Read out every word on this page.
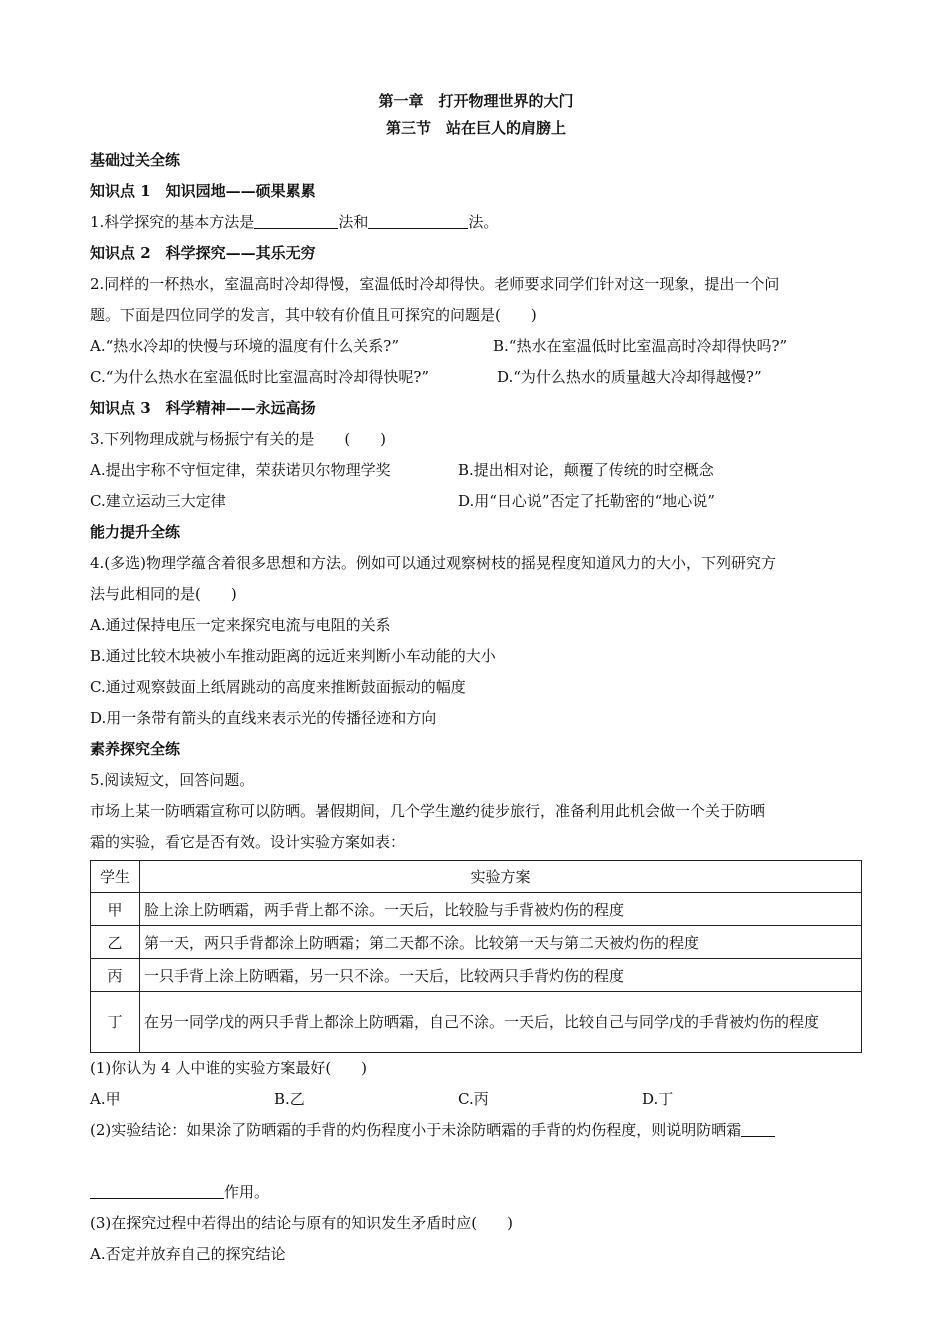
第一章　打开物理世界的大门
第三节　站在巨人的肩膀上
基础过关全练
知识点 1　知识园地——硕果累累
1.科学探究的基本方法是	法和	法。
知识点 2　科学探究——其乐无穷
2.同样的一杯热水，室温高时冷却得慢，室温低时冷却得快。老师要求同学们针对这一现象，提出一个问
题。下面是四位同学的发言，其中较有价值且可探究的问题是(　　)
A.“热水冷却的快慢与环境的温度有什么关系?”	B.“热水在室温低时比室温高时冷却得快吗?”
C.“为什么热水在室温低时比室温高时冷却得快呢?”	D.“为什么热水的质量越大冷却得越慢?”
知识点 3　科学精神——永远高扬
3.下列物理成就与杨振宁有关的是　　(　　)
A.提出宇称不守恒定律，荣获诺贝尔物理学奖	B.提出相对论，颠覆了传统的时空概念
C.建立运动三大定律	D.用“日心说”否定了托勒密的“地心说”
能力提升全练
4.(多选)物理学蕴含着很多思想和方法。例如可以通过观察树枝的摇晃程度知道风力的大小，下列研究方
法与此相同的是(　　)
A.通过保持电压一定来探究电流与电阻的关系
B.通过比较木块被小车推动距离的远近来判断小车动能的大小
C.通过观察鼓面上纸屑跳动的高度来推断鼓面振动的幅度
D.用一条带有箭头的直线来表示光的传播径迹和方向
素养探究全练
5.阅读短文，回答问题。
市场上某一防晒霜宣称可以防晒。暑假期间，几个学生邀约徒步旅行，准备利用此机会做一个关于防晒
霜的实验，看它是否有效。设计实验方案如表：
学生	实验方案
甲	脸上涂上防晒霜，两手背上都不涂。一天后，比较脸与手背被灼伤的程度
乙	第一天，两只手背都涂上防晒霜；第二天都不涂。比较第一天与第二天被灼伤的程度
丙	一只手背上涂上防晒霜，另一只不涂。一天后，比较两只手背灼伤的程度
丁	在另一同学戊的两只手背上都涂上防晒霜，自己不涂。一天后，比较自己与同学戊的手背被灼伤的程度
(1)你认为 4 人中谁的实验方案最好(　　)
A.甲	B.乙	C.丙	D.丁
(2)实验结论：如果涂了防晒霜的手背的灼伤程度小于未涂防晒霜的手背的灼伤程度，则说明防晒霜
作用。
(3)在探究过程中若得出的结论与原有的知识发生矛盾时应(　　)
A.否定并放弃自己的探究结论
